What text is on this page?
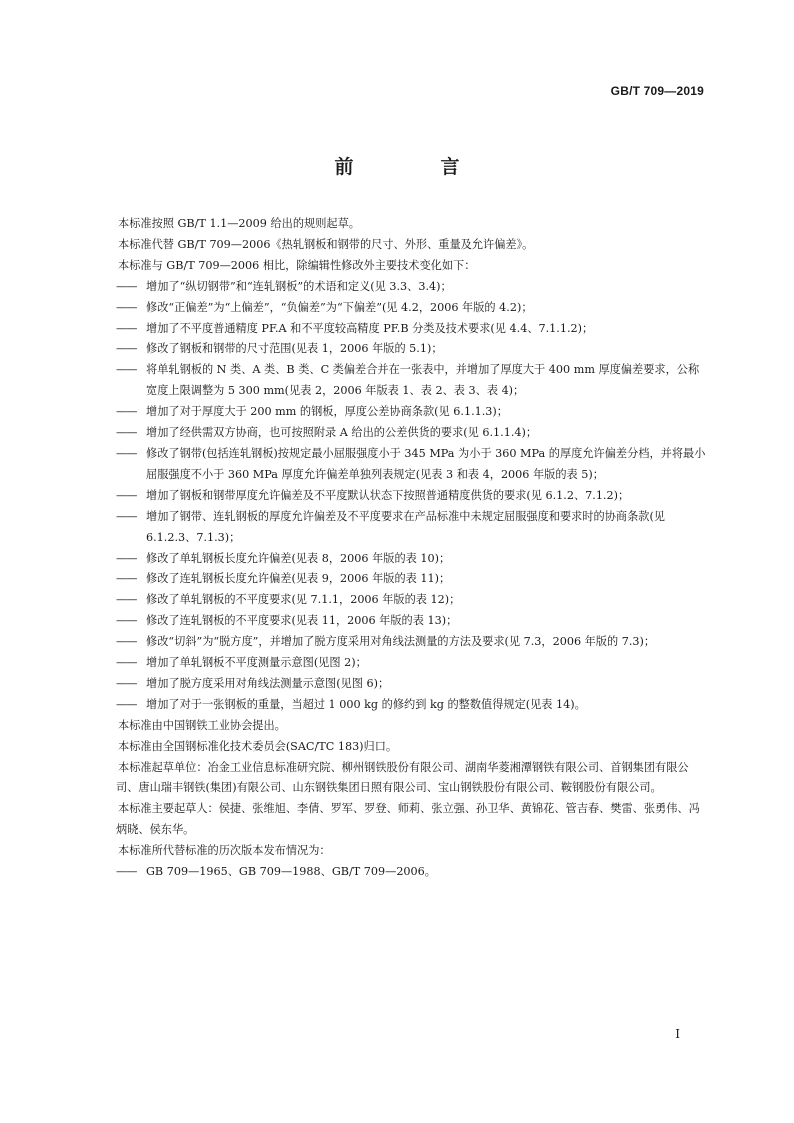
GB/T 709—2019
前　言

本标准按照 GB/T 1.1—2009 给出的规则起草。

本标准代替 GB/T 709—2006《热轧钢板和钢带的尺寸、外形、重量及允许偏差》。

本标准与 GB/T 709—2006 相比，除编辑性修改外主要技术变化如下：

—— 增加了“纵切钢带”和“连轧钢板”的术语和定义(见 3.3、3.4)；

—— 修改“正偏差”为“上偏差”，“负偏差”为“下偏差”(见 4.2，2006 年版的 4.2)；

—— 增加了不平度普通精度 PF.A 和不平度较高精度 PF.B 分类及技术要求(见 4.4、7.1.1.2)；

—— 修改了钢板和钢带的尺寸范围(见表 1，2006 年版的 5.1)；

—— 将单轧钢板的 N 类、A 类、B 类、C 类偏差合并在一张表中，并增加了厚度大于 400 mm 厚度偏差要求，公称宽度上限调整为 5 300 mm(见表 2，2006 年版表 1、表 2、表 3、表 4)；

—— 增加了对于厚度大于 200 mm 的钢板，厚度公差协商条款(见 6.1.1.3)；

—— 增加了经供需双方协商，也可按照附录 A 给出的公差供货的要求(见 6.1.1.4)；

—— 修改了钢带(包括连轧钢板)按规定最小屈服强度小于 345 MPa 为小于 360 MPa 的厚度允许偏差分档，并将最小屈服强度不小于 360 MPa 厚度允许偏差单独列表规定(见表 3 和表 4，2006 年版的表 5)；

—— 增加了钢板和钢带厚度允许偏差及不平度默认状态下按照普通精度供货的要求(见 6.1.2、7.1.2)；

—— 增加了钢带、连轧钢板的厚度允许偏差及不平度要求在产品标准中未规定屈服强度和要求时的协商条款(见 6.1.2.3、7.1.3)；

—— 修改了单轧钢板长度允许偏差(见表 8，2006 年版的表 10)；

—— 修改了连轧钢板长度允许偏差(见表 9，2006 年版的表 11)；

—— 修改了单轧钢板的不平度要求(见 7.1.1，2006 年版的表 12)；

—— 修改了连轧钢板的不平度要求(见表 11，2006 年版的表 13)；

—— 修改“切斜”为“脱方度”，并增加了脱方度采用对角线法测量的方法及要求(见 7.3，2006 年版的 7.3)；

—— 增加了单轧钢板不平度测量示意图(见图 2)；

—— 增加了脱方度采用对角线法测量示意图(见图 6)；

—— 增加了对于一张钢板的重量，当超过 1 000 kg 的修约到 kg 的整数值得规定(见表 14)。

本标准由中国钢铁工业协会提出。

本标准由全国钢标准化技术委员会(SAC/TC 183)归口。

本标准起草单位：冶金工业信息标准研究院、柳州钢铁股份有限公司、湖南华菱湘潭钢铁有限公司、首钢集团有限公司、唐山瑞丰钢铁(集团)有限公司、山东钢铁集团日照有限公司、宝山钢铁股份有限公司、鞍钢股份有限公司。

本标准主要起草人：侯捷、张维旭、李倩、罗军、罗登、师莉、张立强、孙卫华、黄锦花、管吉春、樊雷、张勇伟、冯炳晓、侯东华。

本标准所代替标准的历次版本发布情况为：

—— GB 709—1965、GB 709—1988、GB/T 709—2006。

I
